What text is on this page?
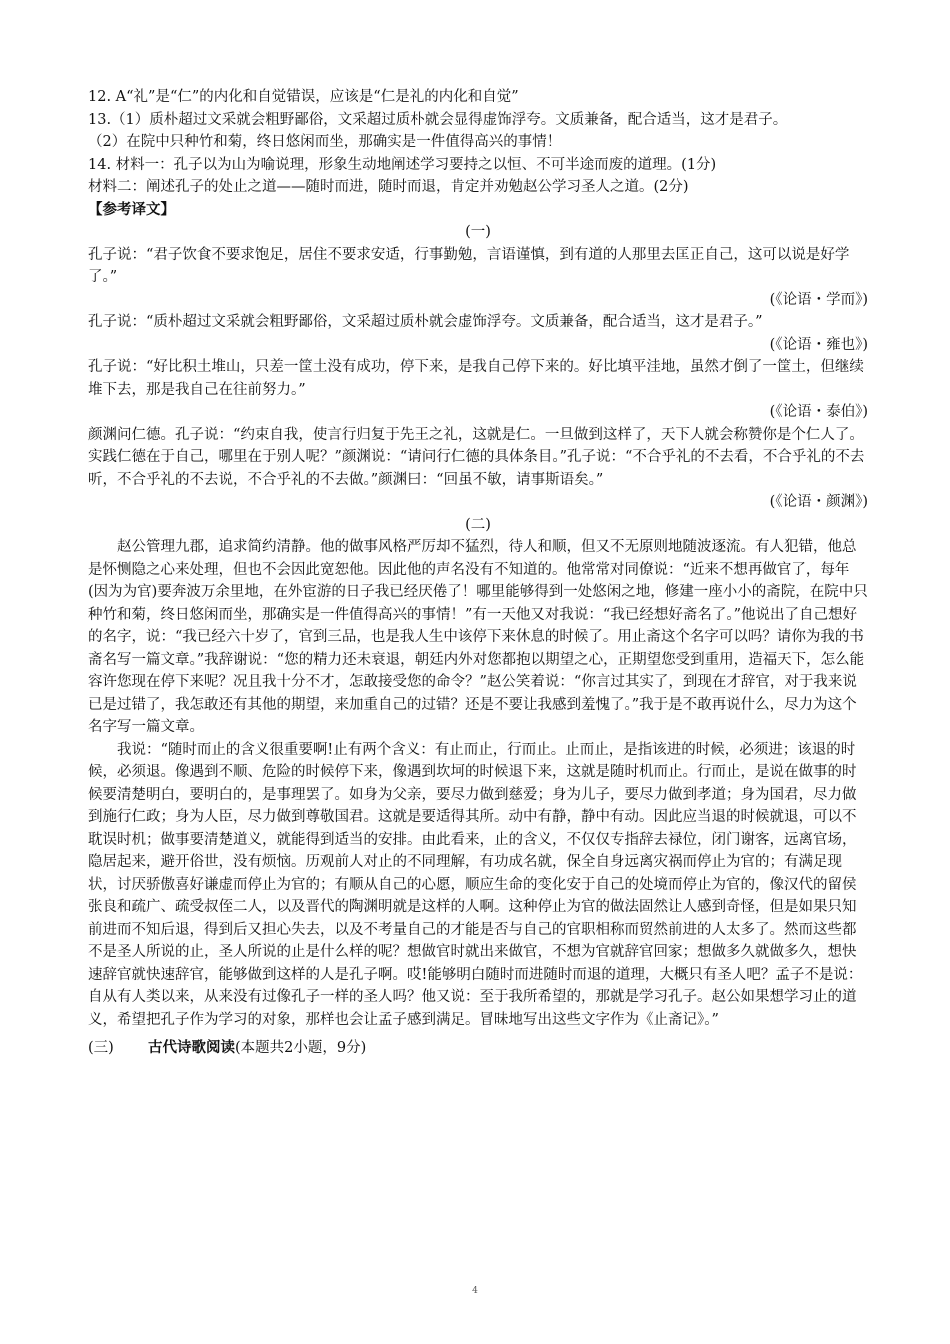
12. A“礼”是“仁”的内化和自觉错误，应该是“仁是礼的内化和自觉”

13.（1）质朴超过文采就会粗野鄙俗，文采超过质朴就会显得虚饰浮夸。文质兼备，配合适当，这才是君子。

（2）在院中只种竹和菊，终日悠闲而坐，那确实是一件值得高兴的事情！

14. 材料一：孔子以为山为喻说理，形象生动地阐述学习要持之以恒、不可半途而废的道理。(1分)

材料二：阐述孔子的处止之道——随时而进，随时而退，肯定并劝勉赵公学习圣人之道。(2分)

【参考译文】

(一)

孔子说：“君子饮食不要求饱足，居住不要求安适，行事勤勉，言语谨慎，到有道的人那里去匡正自己，这可以说是好学了。”

(《论语・学而》)

孔子说：“质朴超过文采就会粗野鄙俗，文采超过质朴就会虚饰浮夸。文质兼备，配合适当，这才是君子。”

(《论语・雍也》)

孔子说：“好比积土堆山，只差一筐土没有成功，停下来，是我自己停下来的。好比填平洼地，虽然才倒了一筐土，但继续堆下去，那是我自己在往前努力。”

(《论语・泰伯》)

颜渊问仁德。孔子说：“约束自我，使言行归复于先王之礼，这就是仁。一旦做到这样了，天下人就会称赞你是个仁人了。实践仁德在于自己，哪里在于别人呢？”颜渊说：“请问行仁德的具体条目。”孔子说：“不合乎礼的不去看，不合乎礼的不去听，不合乎礼的不去说，不合乎礼的不去做。”颜渊曰：“回虽不敏，请事斯语矣。”

(《论语・颜渊》)

(二)

赵公管理九郡，追求简约清静。他的做事风格严厉却不猛烈，待人和顺，但又不无原则地随波逐流。有人犯错，他总是怀恻隐之心来处理，但也不会因此宽恕他。因此他的声名没有不知道的。他常常对同僚说：“近来不想再做官了，每年(因为为官)要奔波万余里地，在外宦游的日子我已经厌倦了！哪里能够得到一处悠闲之地，修建一座小小的斋院，在院中只种竹和菊，终日悠闲而坐，那确实是一件值得高兴的事情！”有一天他又对我说：“我已经想好斋名了。”他说出了自己想好的名字，说：“我已经六十岁了，官到三品，也是我人生中该停下来休息的时候了。用止斋这个名字可以吗？请你为我的书斋名写一篇文章。”我辞谢说：“您的精力还未衰退，朝廷内外对您都抱以期望之心，正期望您受到重用，造福天下，怎么能容许您现在停下来呢？况且我十分不才，怎敢接受您的命令？”赵公笑着说：“你言过其实了，到现在才辞官，对于我来说已是过错了，我怎敢还有其他的期望，来加重自己的过错？还是不要让我感到羞愧了。”我于是不敢再说什么，尽力为这个名字写一篇文章。

我说：“随时而止的含义很重要啊!止有两个含义：有止而止，行而止。止而止，是指该进的时候，必须进；该退的时候，必须退。像遇到不顺、危险的时候停下来，像遇到坎坷的时候退下来，这就是随时机而止。行而止，是说在做事的时候要清楚明白，要明白的，是事理罢了。如身为父亲，要尽力做到慈爱；身为儿子，要尽力做到孝道；身为国君，尽力做到施行仁政；身为人臣，尽力做到尊敬国君。这就是要适得其所。动中有静，静中有动。因此应当退的时候就退，可以不耽误时机；做事要清楚道义，就能得到适当的安排。由此看来，止的含义，不仅仅专指辞去禄位，闭门谢客，远离官场，隐居起来，避开俗世，没有烦恼。历观前人对止的不同理解，有功成名就，保全自身远离灾祸而停止为官的；有满足现状，讨厌骄傲喜好谦虚而停止为官的；有顺从自己的心愿，顺应生命的变化安于自己的处境而停止为官的，像汉代的留侯张良和疏广、疏受叔侄二人，以及晋代的陶渊明就是这样的人啊。这种停止为官的做法固然让人感到奇怪，但是如果只知前进而不知后退，得到后又担心失去，以及不考量自己的才能是否与自己的官职相称而贸然前进的人太多了。然而这些都不是圣人所说的止，圣人所说的止是什么样的呢？想做官时就出来做官，不想为官就辞官回家；想做多久就做多久，想快速辞官就快速辞官，能够做到这样的人是孔子啊。哎!能够明白随时而进随时而退的道理，大概只有圣人吧？孟子不是说：自从有人类以来，从来没有过像孔子一样的圣人吗？他又说：至于我所希望的，那就是学习孔子。赵公如果想学习止的道义，希望把孔子作为学习的对象，那样也会让孟子感到满足。冒昧地写出这些文字作为《止斋记》。”

(三) 古代诗歌阅读(本题共2小题，9分)

4
